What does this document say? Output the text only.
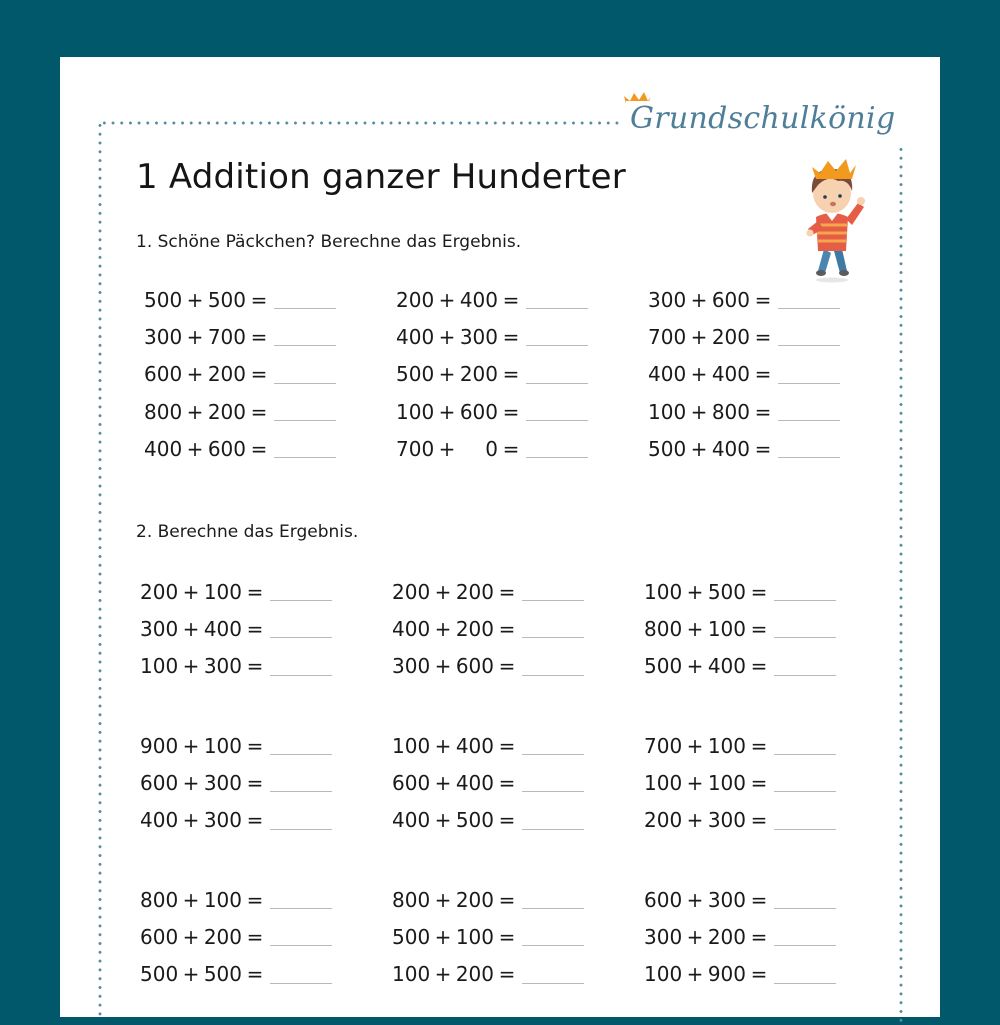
Grundschulkönig
1 Addition ganzer Hunderter
1. Schöne Päckchen? Berechne das Ergebnis.
2. Berechne das Ergebnis.
500 + 500 =
300 + 700 =
600 + 200 =
800 + 200 =
400 + 600 =
200 + 400 =
400 + 300 =
500 + 200 =
100 + 600 =
700 +	0 =
300 + 600 =
700 + 200 =
400 + 400 =
100 + 800 =
500 + 400 =
200 + 100 =
300 + 400 =
100 + 300 =
200 + 200 =
400 + 200 =
300 + 600 =
100 + 500 =
800 + 100 =
500 + 400 =
900 + 100 =
600 + 300 =
400 + 300 =
100 + 400 =
600 + 400 =
400 + 500 =
700 + 100 =
100 + 100 =
200 + 300 =
800 + 100 =
600 + 200 =
500 + 500 =
800 + 200 =
500 + 100 =
100 + 200 =
600 + 300 =
300 + 200 =
100 + 900 =
